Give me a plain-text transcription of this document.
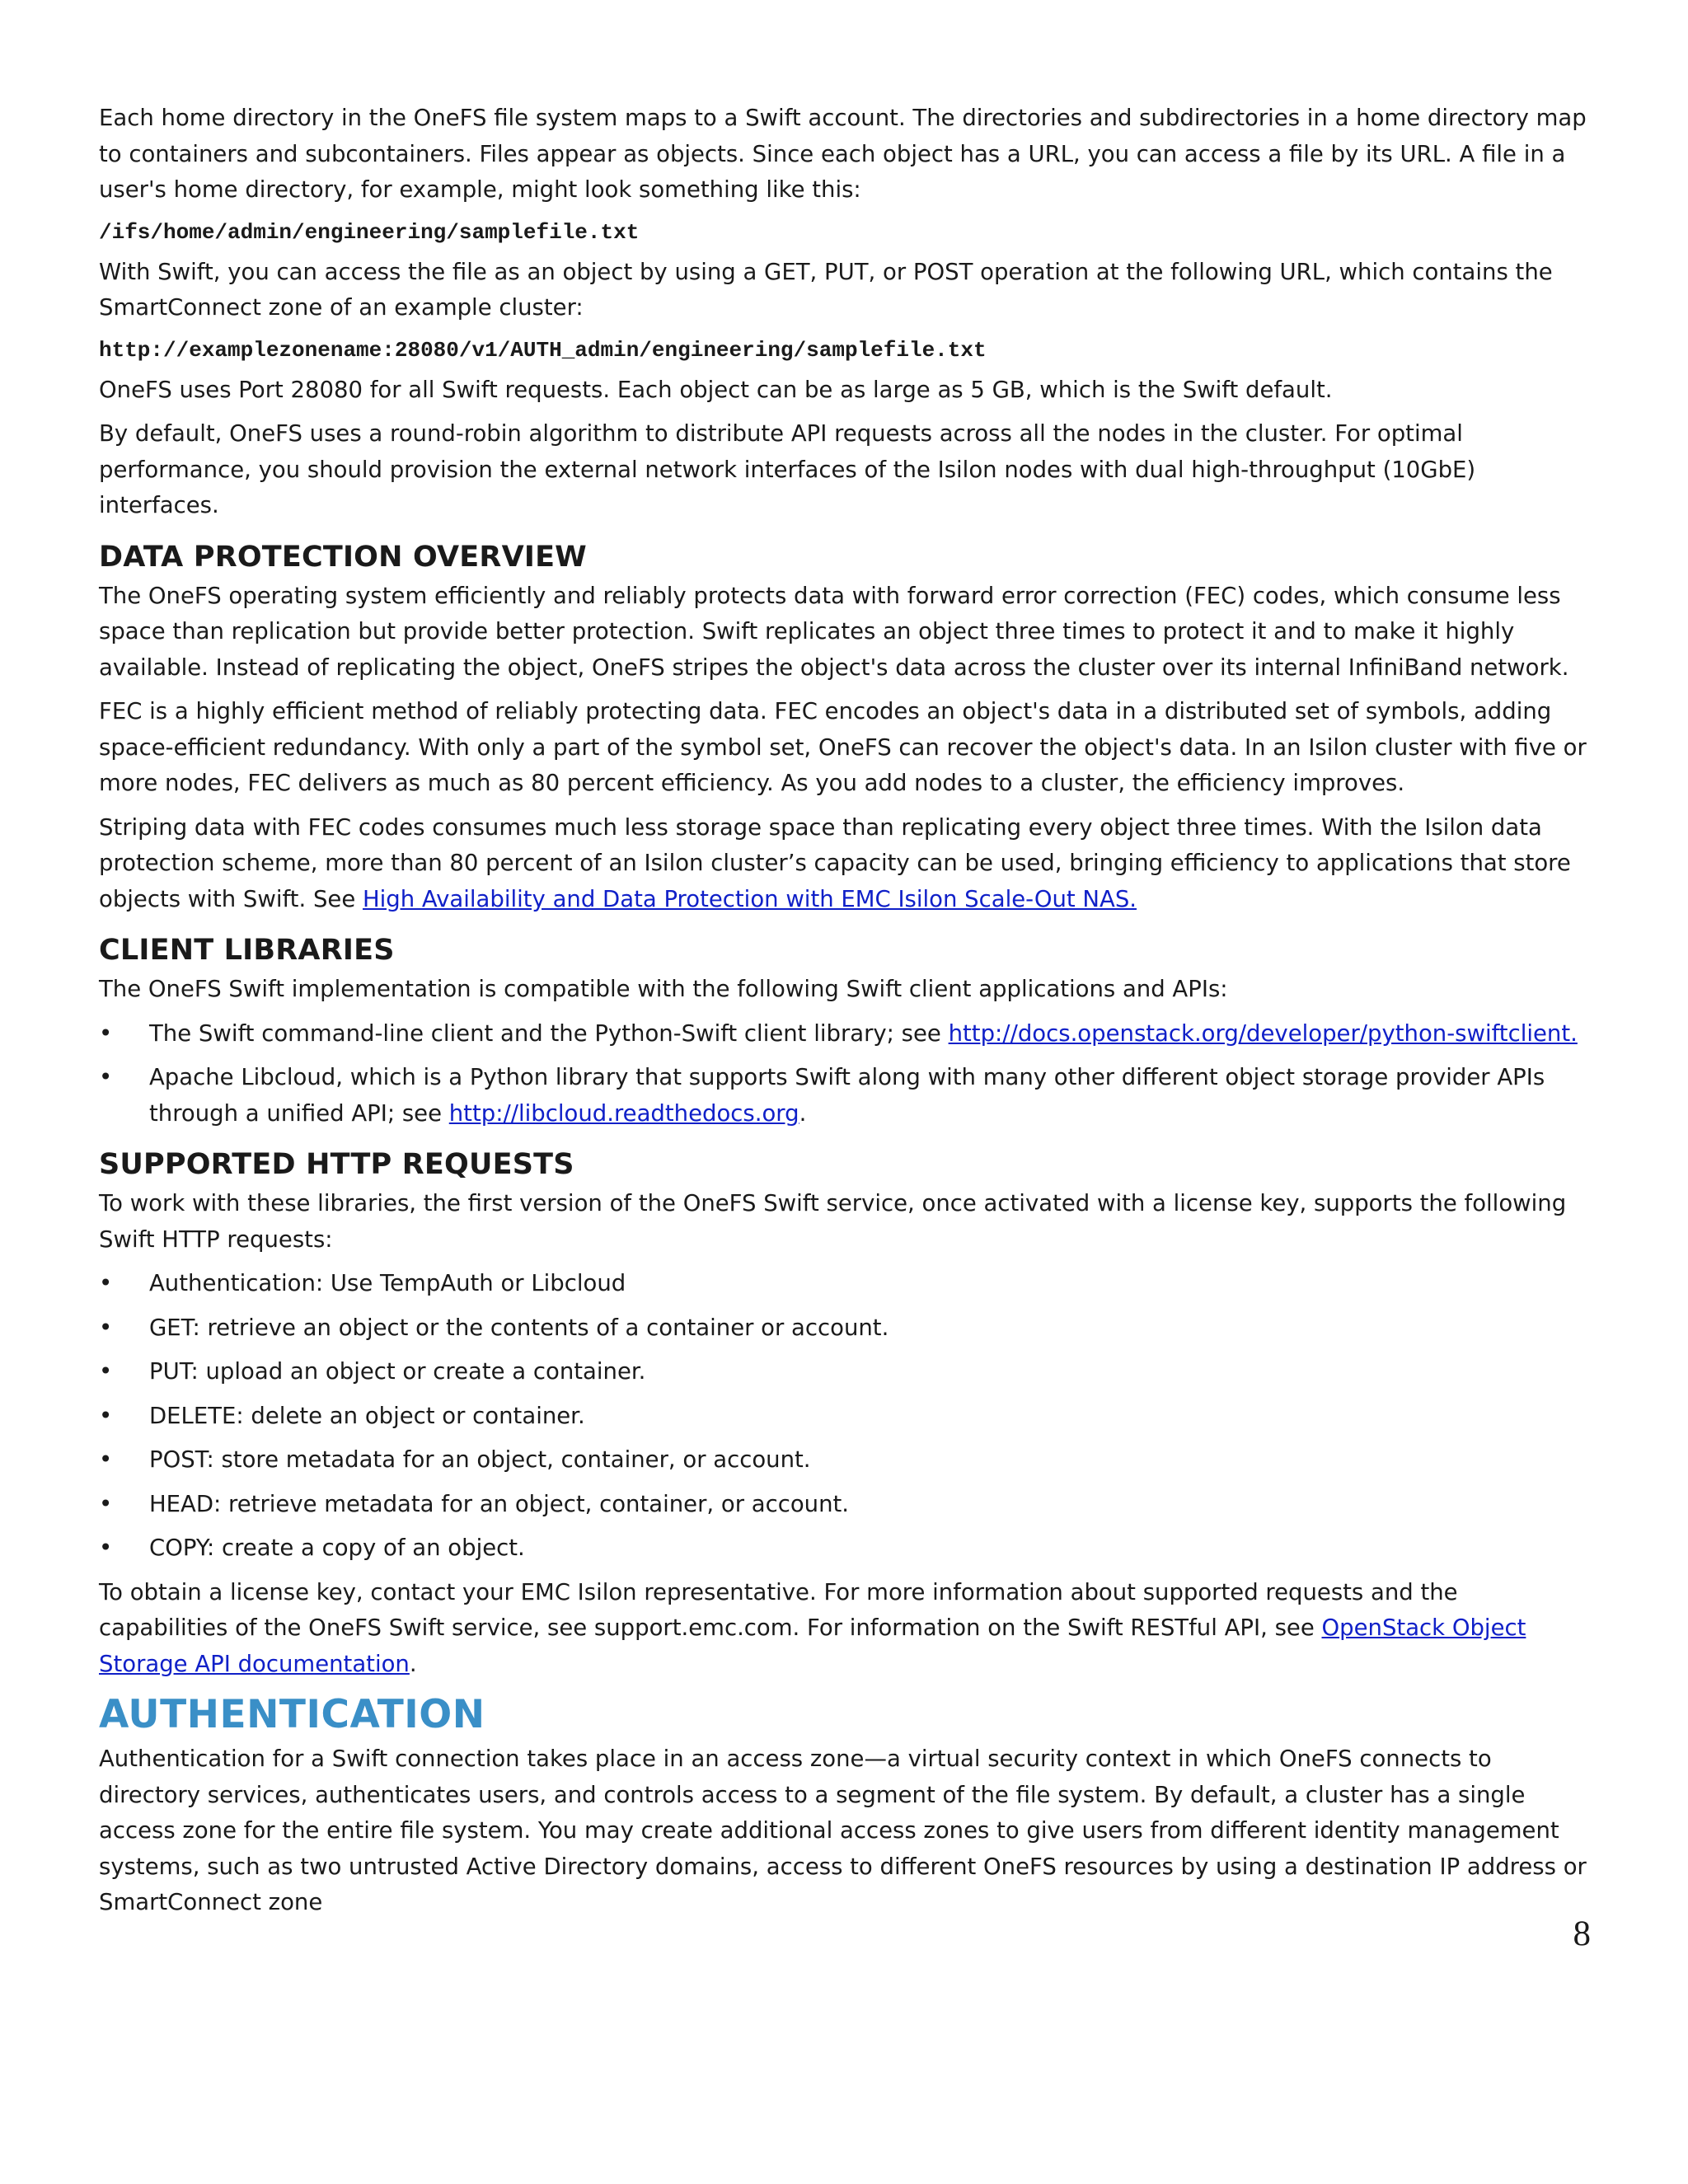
Each home directory in the OneFS file system maps to a Swift account. The directories and subdirectories in a home directory map to containers and subcontainers. Files appear as objects. Since each object has a URL, you can access a file by its URL. A file in a user's home directory, for example, might look something like this:

/ifs/home/admin/engineering/samplefile.txt

With Swift, you can access the file as an object by using a GET, PUT, or POST operation at the following URL, which contains the SmartConnect zone of an example cluster:

http://examplezonename:28080/v1/AUTH_admin/engineering/samplefile.txt

OneFS uses Port 28080 for all Swift requests. Each object can be as large as 5 GB, which is the Swift default.

By default, OneFS uses a round-robin algorithm to distribute API requests across all the nodes in the cluster. For optimal performance, you should provision the external network interfaces of the Isilon nodes with dual high-throughput (10GbE) interfaces.

DATA PROTECTION OVERVIEW

The OneFS operating system efficiently and reliably protects data with forward error correction (FEC) codes, which consume less space than replication but provide better protection. Swift replicates an object three times to protect it and to make it highly available. Instead of replicating the object, OneFS stripes the object's data across the cluster over its internal InfiniBand network.

FEC is a highly efficient method of reliably protecting data. FEC encodes an object's data in a distributed set of symbols, adding space-efficient redundancy. With only a part of the symbol set, OneFS can recover the object's data. In an Isilon cluster with five or more nodes, FEC delivers as much as 80 percent efficiency. As you add nodes to a cluster, the efficiency improves.

Striping data with FEC codes consumes much less storage space than replicating every object three times. With the Isilon data protection scheme, more than 80 percent of an Isilon cluster’s capacity can be used, bringing efficiency to applications that store objects with Swift. See High Availability and Data Protection with EMC Isilon Scale-Out NAS.

CLIENT LIBRARIES

The OneFS Swift implementation is compatible with the following Swift client applications and APIs:

• The Swift command-line client and the Python-Swift client library; see http://docs.openstack.org/developer/python-swiftclient.
• Apache Libcloud, which is a Python library that supports Swift along with many other different object storage provider APIs through a unified API; see http://libcloud.readthedocs.org.
SUPPORTED HTTP REQUESTS

To work with these libraries, the first version of the OneFS Swift service, once activated with a license key, supports the following Swift HTTP requests:

• Authentication: Use TempAuth or Libcloud
• GET: retrieve an object or the contents of a container or account.
• PUT: upload an object or create a container.
• DELETE: delete an object or container.
• POST: store metadata for an object, container, or account.
• HEAD: retrieve metadata for an object, container, or account.
• COPY: create a copy of an object.

To obtain a license key, contact your EMC Isilon representative. For more information about supported requests and the capabilities of the OneFS Swift service, see support.emc.com. For information on the Swift RESTful API, see OpenStack Object Storage API documentation.

AUTHENTICATION

Authentication for a Swift connection takes place in an access zone—a virtual security context in which OneFS connects to directory services, authenticates users, and controls access to a segment of the file system. By default, a cluster has a single access zone for the entire file system. You may create additional access zones to give users from different identity management systems, such as two untrusted Active Directory domains, access to different OneFS resources by using a destination IP address or SmartConnect zone

8
